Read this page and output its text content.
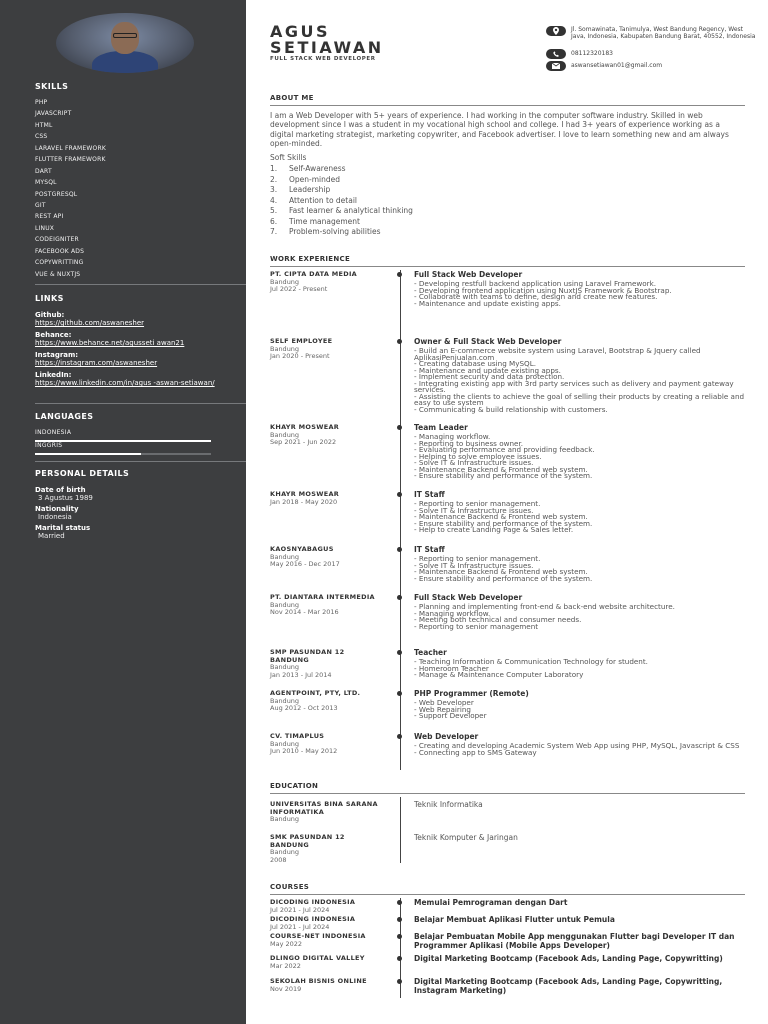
SKILLS
PHP
JAVASCRIPT
HTML
CSS
LARAVEL FRAMEWORK
FLUTTER FRAMEWORK
DART
MYSQL
POSTGRESQL
GIT
REST API
LINUX
CODEIGNITER
FACEBOOK ADS
COPYWRITTING
VUE & NUXTJS
LINKS
Github:
https://github.com/aswanesher
Behance:
https://www.behance.net/agusseti awan21
Instagram:
https://instagram.com/aswanesher
LinkedIn:
https://www.linkedin.com/in/agus -aswan-setiawan/
LANGUAGES
INDONESIA
INGGRIS
PERSONAL DETAILS
Date of birth
3 Agustus 1989
Nationality
Indonesia
Marital status
Married
AGUS
SETIAWAN
FULL STACK WEB DEVELOPER
Jl. Somawinata, Tanimulya, West Bandung Regency, West Java, Indonesia, Kabupaten Bandung Barat, 40552, Indonesia
08112320183
aswansetiawan01@gmail.com
ABOUT ME
I am a Web Developer with 5+ years of experience. I had working in the computer software industry. Skilled in web development since I was a student in my vocational high school and college. I had 3+ years of experience working as a digital marketing strategist, marketing copywriter, and Facebook advertiser. I love to learn something new and am always open-minded.
Soft Skills
1. Self-Awareness
2. Open-minded
3. Leadership
4. Attention to detail
5. Fast learner & analytical thinking
6. Time management
7. Problem-solving abilities
WORK EXPERIENCE
PT. CIPTA DATA MEDIA
Bandung
Jul 2022 - Present
Full Stack Web Developer
- Developing restfull backend application using Laravel Framework.
- Developing frontend application using NuxtJS Framework & Bootstrap.
- Collaborate with teams to define, design and create new features.
- Maintenance and update existing apps.
SELF EMPLOYEE
Bandung
Jan 2020 - Present
Owner & Full Stack Web Developer
- Build an E-commerce website system using Laravel, Bootstrap & Jquery called AplikasiPenjualan.com
- Creating database using MySQL.
- Maintenance and update existing apps.
- Implement security and data protection.
- Integrating existing app with 3rd party services such as delivery and payment gateway services.
- Assisting the clients to achieve the goal of selling their products by creating a reliable and easy to use system
- Communicating & build relationship with customers.
KHAYR MOSWEAR
Bandung
Sep 2021 - Jun 2022
Team Leader
- Managing workflow.
- Reporting to business owner.
- Evaluating performance and providing feedback.
- Helping to solve employee issues.
- Solve IT & Infrastructure issues.
- Maintenance Backend & Frontend web system.
- Ensure stability and performance of the system.
KHAYR MOSWEAR
Jan 2018 - May 2020
IT Staff
- Reporting to senior management.
- Solve IT & Infrastructure issues.
- Maintenance Backend & Frontend web system.
- Ensure stability and performance of the system.
- Help to create Landing Page & Sales letter.
KAOSNYABAGUS
Bandung
May 2016 - Dec 2017
IT Staff
- Reporting to senior management.
- Solve IT & Infrastructure issues.
- Maintenance Backend & Frontend web system.
- Ensure stability and performance of the system.
PT. DIANTARA INTERMEDIA
Bandung
Nov 2014 - Mar 2016
Full Stack Web Developer
- Planning and implementing front-end & back-end website architecture.
- Managing workflow.
- Meeting both technical and consumer needs.
- Reporting to senior management
SMP PASUNDAN 12 BANDUNG
Bandung
Jan 2013 - Jul 2014
Teacher
- Teaching Information & Communication Technology for student.
- Homeroom Teacher
- Manage & Maintenance Computer Laboratory
AGENTPOINT, PTY, LTD.
Bandung
Aug 2012 - Oct 2013
PHP Programmer (Remote)
- Web Developer
- Web Repairing
- Support Developer
CV. TIMAPLUS
Bandung
Jun 2010 - May 2012
Web Developer
- Creating and developing Academic System Web App using PHP, MySQL, Javascript & CSS
- Connecting app to SMS Gateway
EDUCATION
UNIVERSITAS BINA SARANA INFORMATIKA
Bandung
Teknik Informatika
SMK PASUNDAN 12 BANDUNG
Bandung
2008
Teknik Komputer & Jaringan
COURSES
DICODING INDONESIA
Jul 2021 - Jul 2024
Memulai Pemrograman dengan Dart
DICODING INDONESIA
Jul 2021 - Jul 2024
Belajar Membuat Aplikasi Flutter untuk Pemula
COURSE-NET INDONESIA
May 2022
Belajar Pembuatan Mobile App menggunakan Flutter bagi Developer IT dan Programmer Aplikasi (Mobile Apps Developer)
DLINGO DIGITAL VALLEY
Mar 2022
Digital Marketing Bootcamp (Facebook Ads, Landing Page, Copywritting)
SEKOLAH BISNIS ONLINE
Nov 2019
Digital Marketing Bootcamp (Facebook Ads, Landing Page, Copywritting, Instagram Marketing)
